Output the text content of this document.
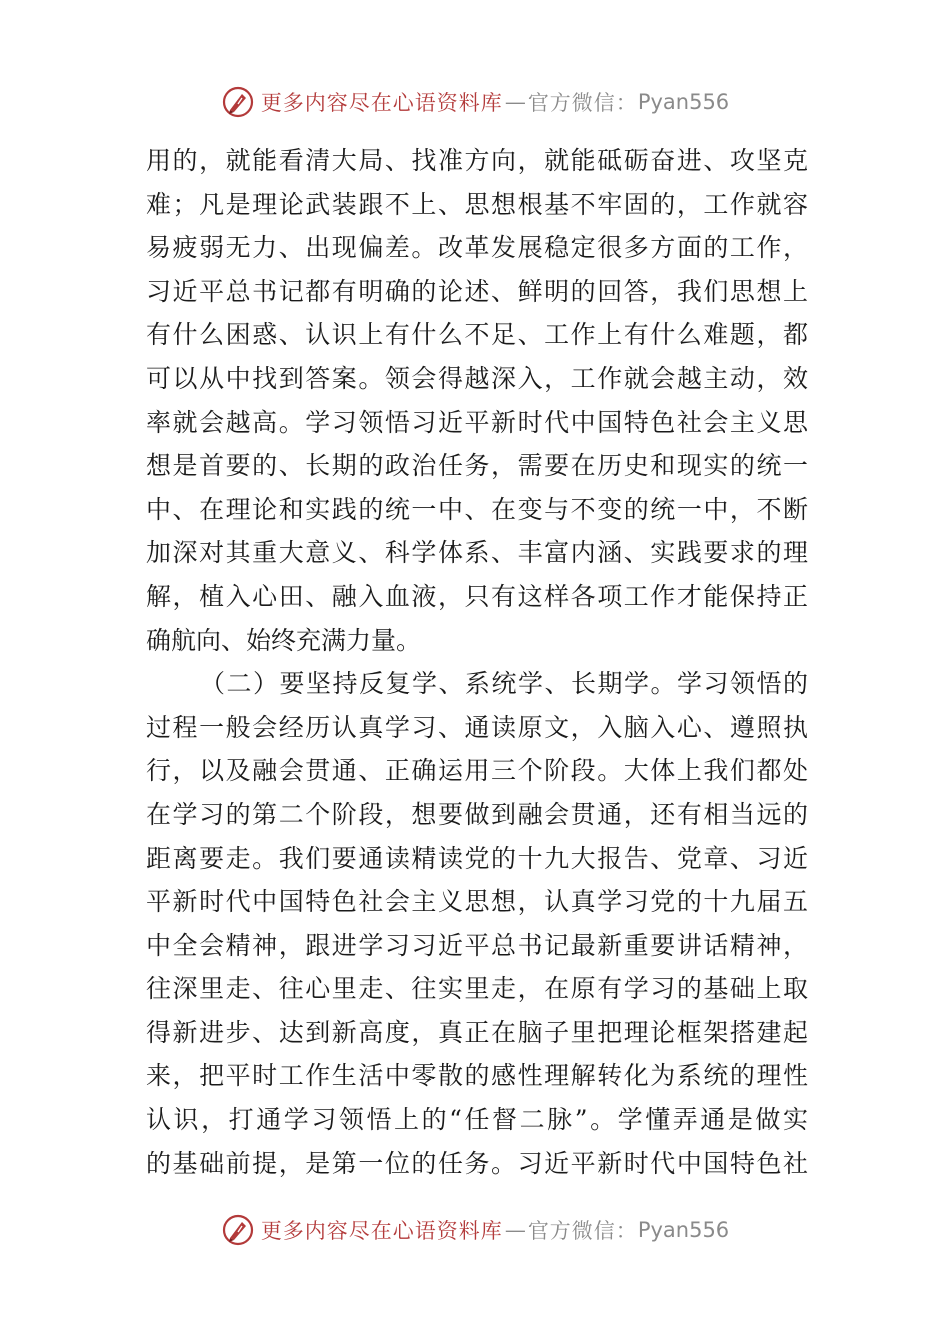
更多内容尽在心语资料库 — 官方微信： Pyan556
用的，就能看清大局、找准方向，就能砥砺奋进、攻坚克
难；凡是理论武装跟不上、思想根基不牢固的，工作就容
易疲弱无力、出现偏差。改革发展稳定很多方面的工作，
习近平总书记都有明确的论述、鲜明的回答，我们思想上
有什么困惑、认识上有什么不足、工作上有什么难题，都
可以从中找到答案。领会得越深入，工作就会越主动，效
率就会越高。学习领悟习近平新时代中国特色社会主义思
想是首要的、长期的政治任务，需要在历史和现实的统一
中、在理论和实践的统一中、在变与不变的统一中，不断
加深对其重大意义、科学体系、丰富内涵、实践要求的理
解，植入心田、融入血液，只有这样各项工作才能保持正
确航向、始终充满力量。
（二）要坚持反复学、系统学、长期学。学习领悟的
过程一般会经历认真学习、通读原文，入脑入心、遵照执
行，以及融会贯通、正确运用三个阶段。大体上我们都处
在学习的第二个阶段，想要做到融会贯通，还有相当远的
距离要走。我们要通读精读党的十九大报告、党章、习近
平新时代中国特色社会主义思想，认真学习党的十九届五
中全会精神，跟进学习习近平总书记最新重要讲话精神，
往深里走、往心里走、往实里走，在原有学习的基础上取
得新进步、达到新高度，真正在脑子里把理论框架搭建起
来，把平时工作生活中零散的感性理解转化为系统的理性
认识，打通学习领悟上的“任督二脉”。学懂弄通是做实
的基础前提，是第一位的任务。习近平新时代中国特色社
更多内容尽在心语资料库 — 官方微信： Pyan556
